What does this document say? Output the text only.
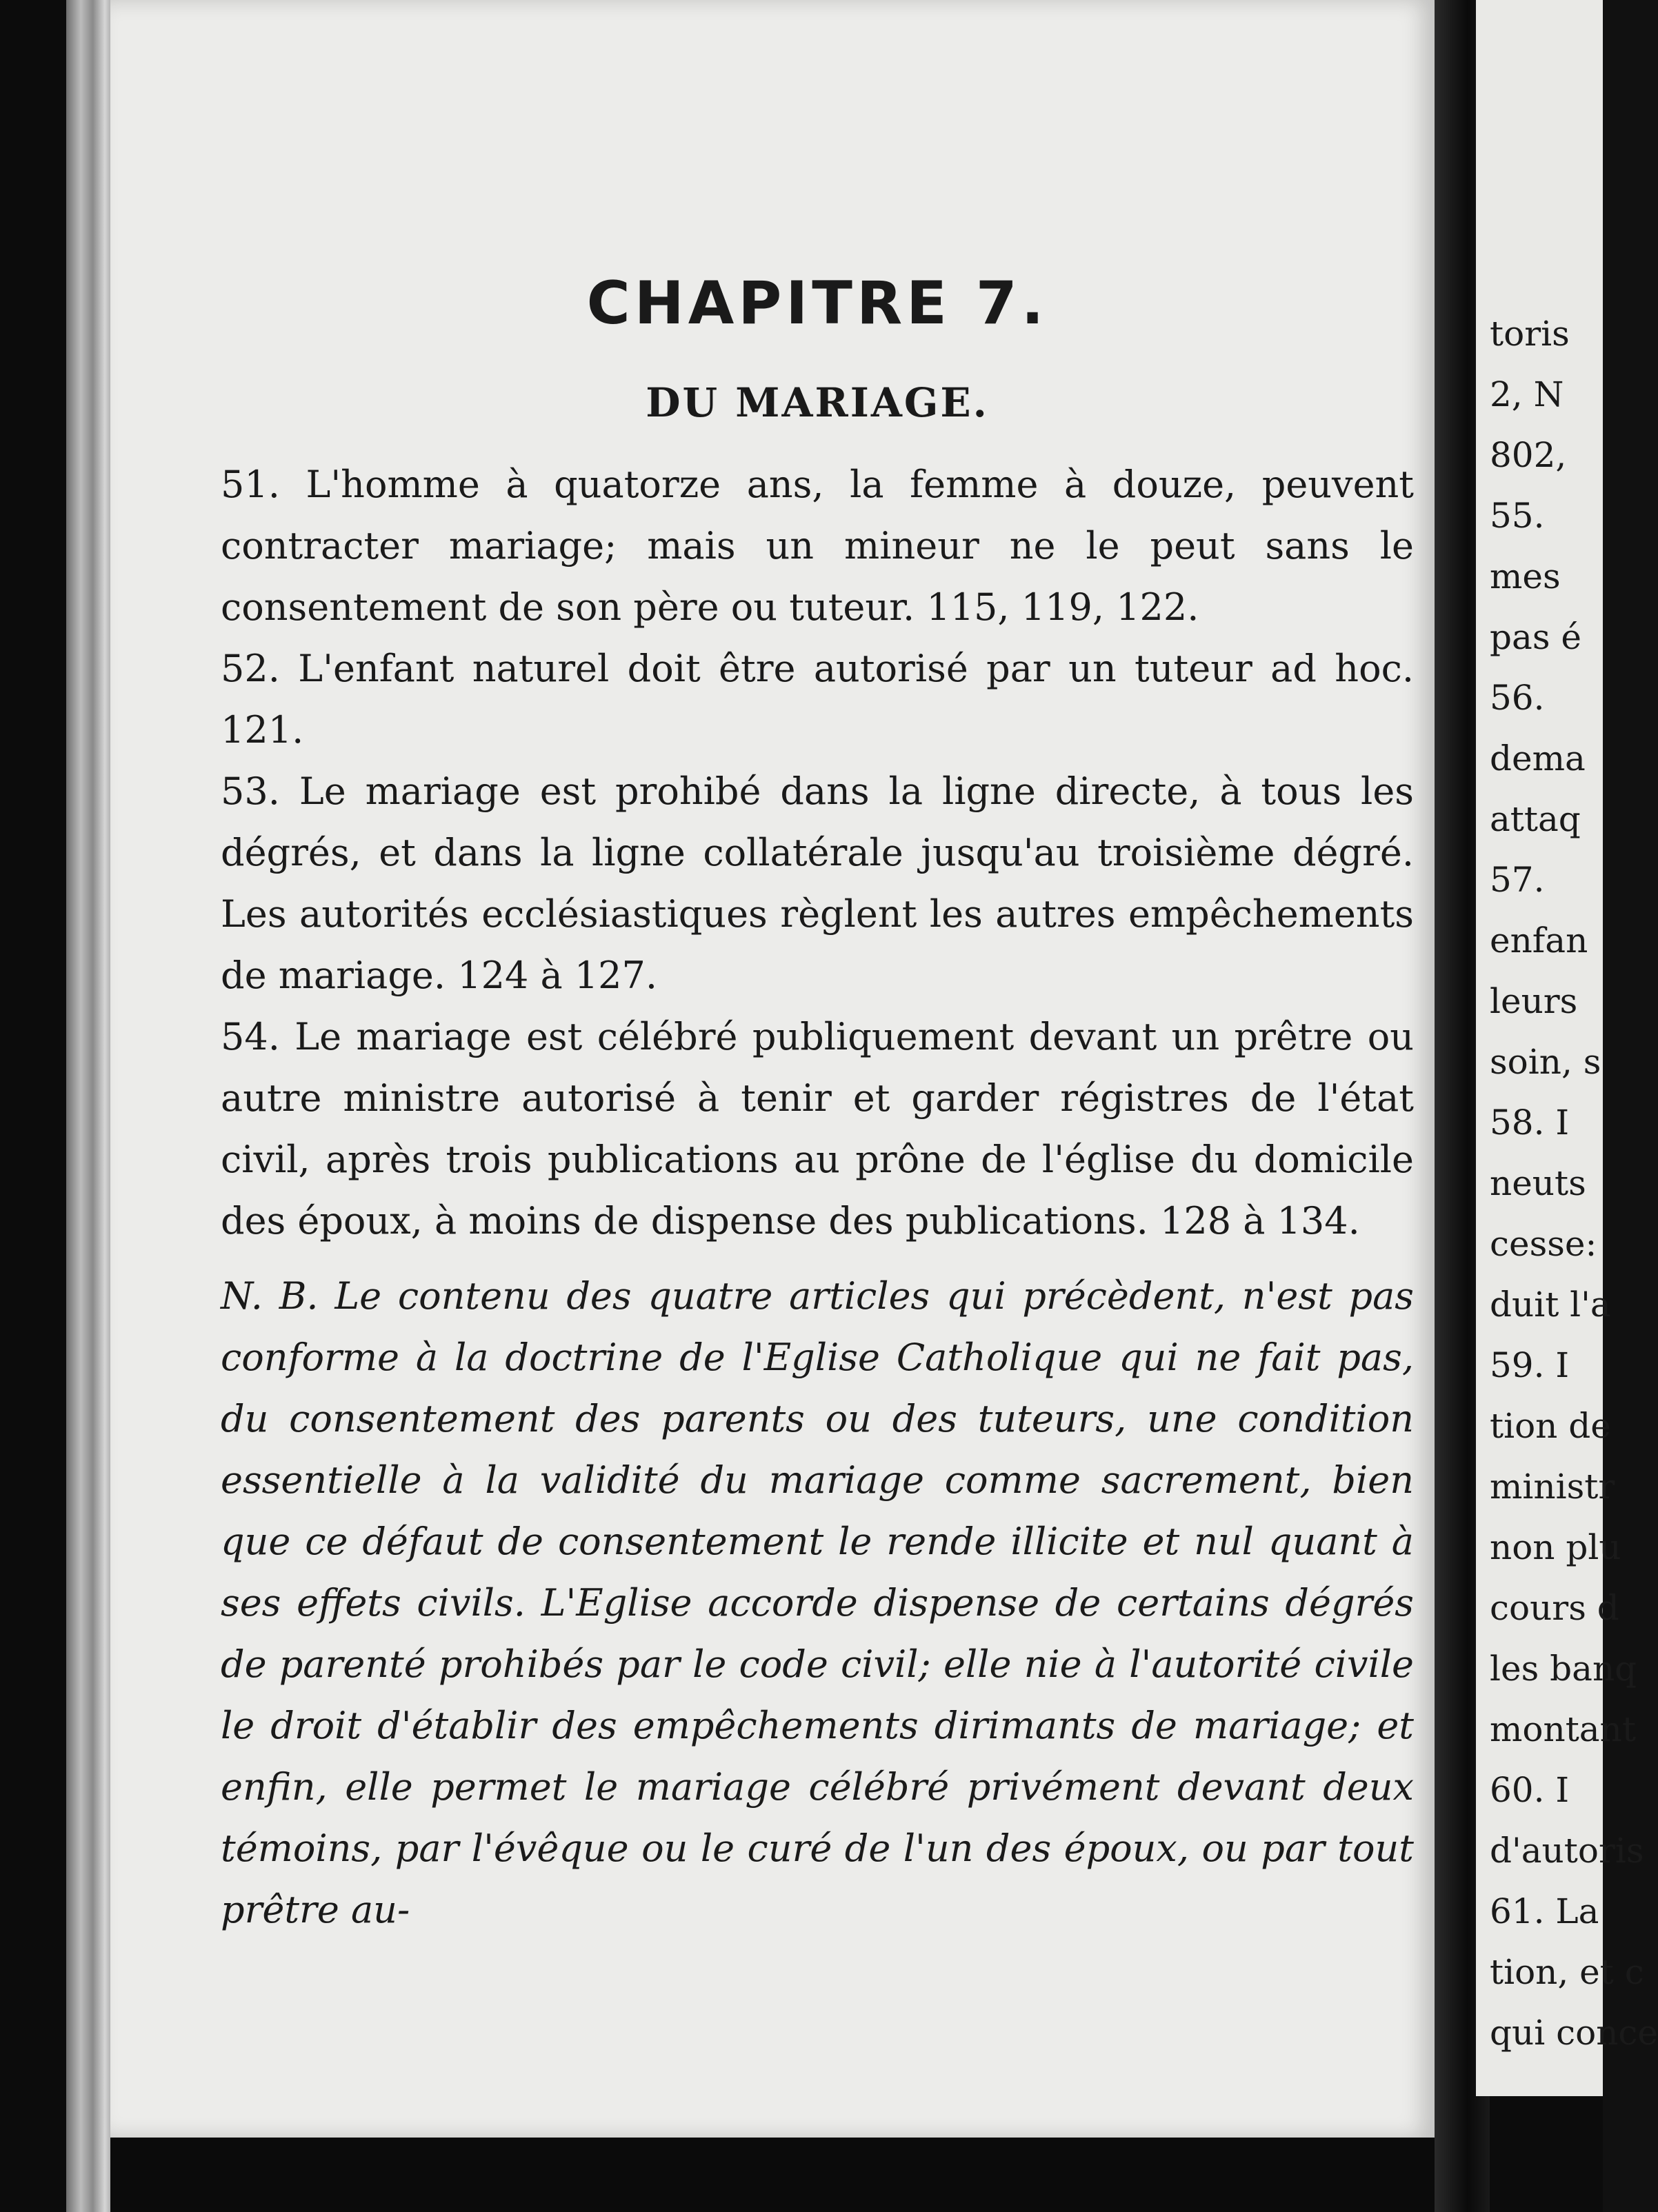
CHAPITRE 7.
DU MARIAGE.

51. L'homme à quatorze ans, la femme à douze, peuvent contracter mariage; mais un mineur ne le peut sans le consentement de son père ou tuteur. 115, 119, 122.

52. L'enfant naturel doit être autorisé par un tuteur ad hoc. 121.

53. Le mariage est prohibé dans la ligne directe, à tous les dégrés, et dans la ligne collatérale jusqu'au troisième dégré. Les autorités ecclésiastiques règlent les autres empêchements de mariage. 124 à 127.

54. Le mariage est célébré publiquement devant un prêtre ou autre ministre autorisé à tenir et garder régistres de l'état civil, après trois publications au prône de l'église du domicile des époux, à moins de dispense des publications. 128 à 134.

N. B. Le contenu des quatre articles qui précèdent, n'est pas conforme à la doctrine de l'Eglise Catholique qui ne fait pas, du consentement des parents ou des tuteurs, une condition essentielle à la validité du mariage comme sacrement, bien que ce défaut de consentement le rende illicite et nul quant à ses effets civils. L'Eglise accorde dispense de certains dégrés de parenté prohibés par le code civil; elle nie à l'autorité civile le droit d'établir des empêchements dirimants de mariage; et enfin, elle permet le mariage célébré privément devant deux témoins, par l'évêque ou le curé de l'un des époux, ou par tout prêtre au-

toris
2, N
802,
55.
mes
pas é
56.
dema
attaq
57.
enfan
leurs
soin, s
58. I
neuts
cesse:
duit l'a
59. I
tion de
ministr
non plu
cours d
les banq
montant
60. I
d'autoris
61. La
tion, et c
qui conce
